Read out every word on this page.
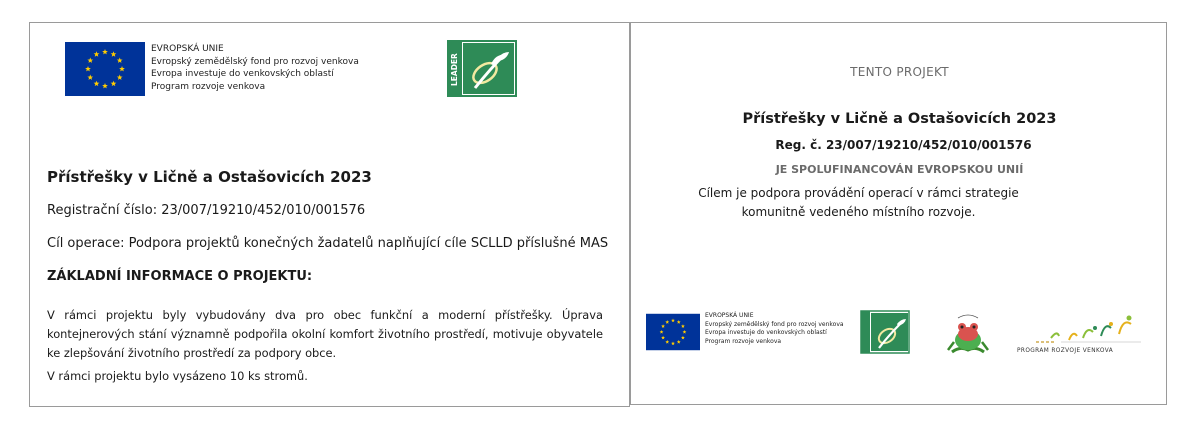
EVROPSKÁ UNIE
Evropský zemědělský fond pro rozvoj venkova
Evropa investuje do venkovských oblastí
Program rozvoje venkova
LEADER
Přístřešky v Ličně a Ostašovicích 2023
Registrační číslo: 23/007/19210/452/010/001576
Cíl operace: Podpora projektů konečných žadatelů naplňující cíle SCLLD příslušné MAS
ZÁKLADNÍ INFORMACE O PROJEKTU:
V rámci projektu byly vybudovány dva pro obec funkční a moderní přístřešky. Úprava kontejnerových stání významně podpořila okolní komfort životního prostředí, motivuje obyvatele ke zlepšování životního prostředí za podpory obce.
V rámci projektu bylo vysázeno 10 ks stromů.
TENTO PROJEKT
Přístřešky v Ličně a Ostašovicích 2023
Reg. č. 23/007/19210/452/010/001576
JE SPOLUFINANCOVÁN EVROPSKOU UNIÍ
Cílem je podpora provádění operací v rámci strategie komunitně vedeného místního rozvoje.
EVROPSKÁ UNIE
Evropský zemědělský fond pro rozvoj venkova
Evropa investuje do venkovských oblastí
Program rozvoje venkova
PROGRAM ROZVOJE VENKOVA
